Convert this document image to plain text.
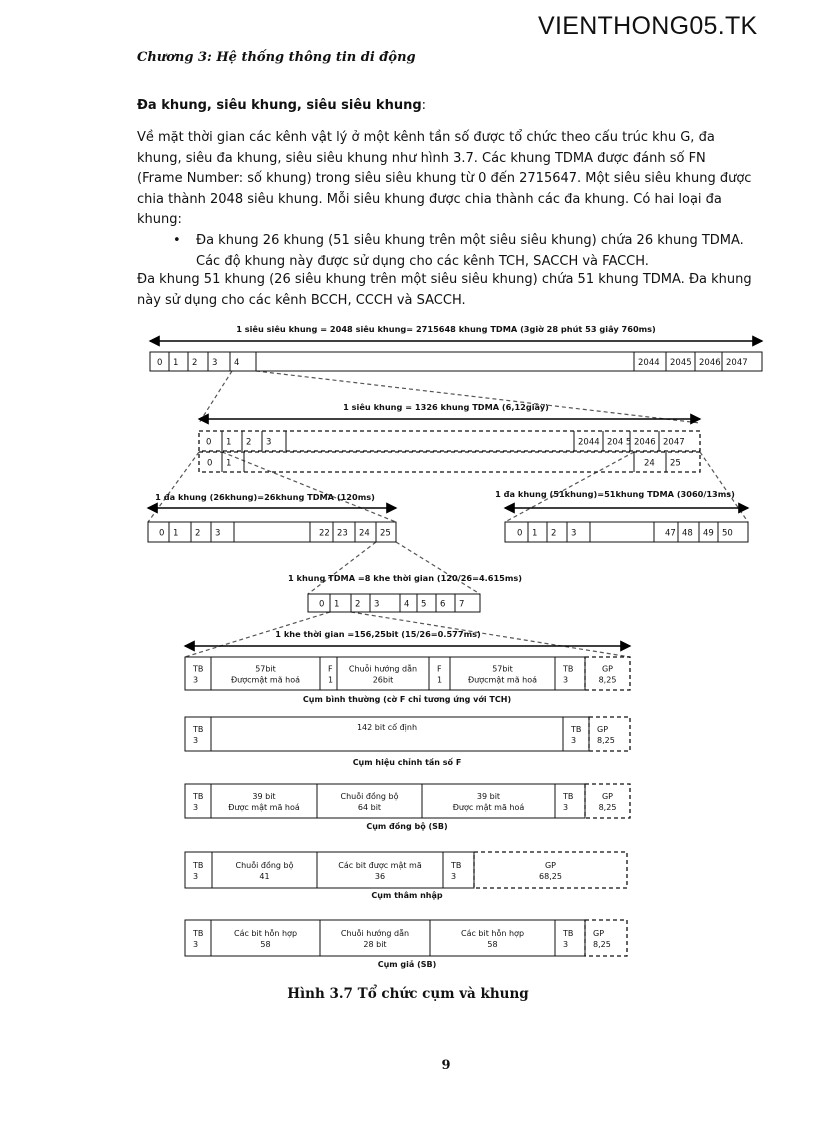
VIENTHONG05.TK
Chương 3: Hệ thống thông tin di động
Đa khung, siêu khung, siêu siêu khung:
Về mặt thời gian các kênh vật lý ở một kênh tần số được tổ chức theo cấu trúc khu G, đa
khung, siêu đa khung, siêu siêu khung như hình 3.7. Các khung TDMA được đánh số FN
(Frame Number: số khung) trong siêu siêu khung từ 0 đến 2715647. Một siêu siêu khung được
chia thành 2048 siêu khung. Mỗi siêu khung được chia thành các đa khung. Có hai loại đa
khung:
• Đa khung 26 khung (51 siêu khung trên một siêu siêu khung) chứa 26 khung TDMA.
Các độ khung này được sử dụng cho các kênh TCH, SACCH và FACCH.
Đa khung 51 khung (26 siêu khung trên một siêu siêu khung) chứa 51 khung TDMA. Đa khung
này sử dụng cho các kênh BCCH, CCCH và SACCH.
1 siêu siêu khung = 2048 siêu khung= 2715648 khung TDMA (3giờ 28 phút 53 giây 760ms)
0 1 2 3 4	2044 2045 2046 2047
1 siêu khung = 1326 khung TDMA (6,12giây)
0 1 2 3	2044 204 5 2046 2047
0 1	24 25
1 đa khung (26khung)=26khung TDMA (120ms)
0 1 2 3	22 23 24 25
1 đa khung (51khung)=51khung TDMA (3060/13ms)
0 1 2 3	47 48 49 50
1 khung TDMA =8 khe thời gian (120/26=4.615ms)
0 1 2 3	4 5 6 7
1 khe thời gian =156,25bit (15/26=0.577ms)
TB
3
57bit
Đượcmật mã hoá
F
1
Chuỗi hướng dẫn
26bit
F
1
57bit
Đượcmật mã hoá
TB
3
GP
8,25
Cụm bình thường (cờ F chỉ tương ứng với TCH)
TB
3
142 bit cố định	TB
3
GP
8,25
Cụm hiệu chỉnh tần số F
TB
3
39 bit
Được mật mã hoá
Chuỗi đồng bộ
64 bit
39 bit
Được mật mã hoá
TB
3
GP
8,25
Cụm đồng bộ (SB)
TB
3
Chuỗi đồng bộ
41
Các bit được mật mã
36
TB
3
GP
68,25
Cụm thâm nhập
TB
3
Các bit hỗn hợp
58
Chuỗi hướng dẫn
28 bit
Các bit hỗn hợp
58
TB
3
GP
8,25
Cụm giả (SB)
Hình 3.7 Tổ chức cụm và khung
9
